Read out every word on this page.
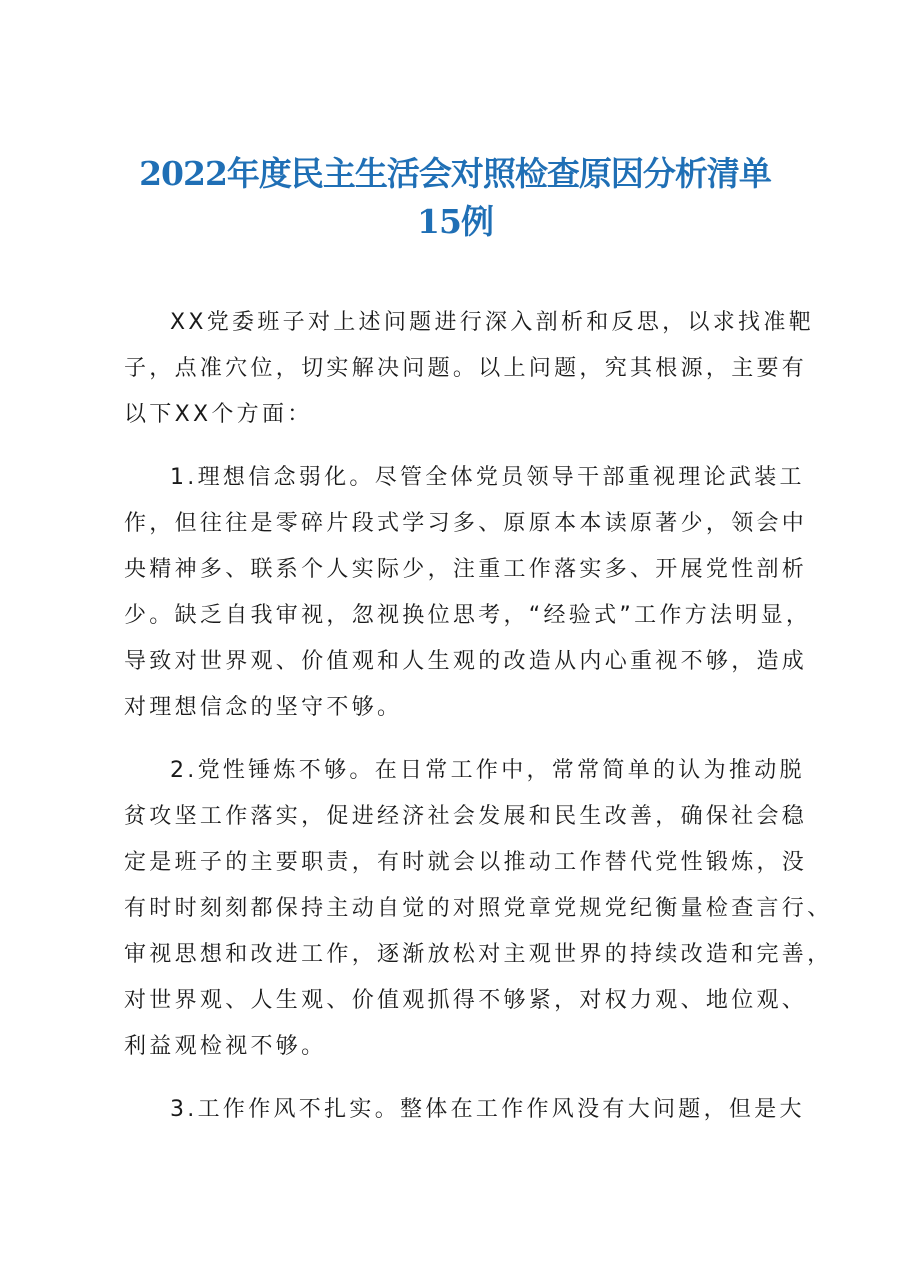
2022年度民主生活会对照检查原因分析清单
15例
XX党委班子对上述问题进行深入剖析和反思，以求找准靶
子，点准穴位，切实解决问题。以上问题，究其根源，主要有
以下XX个方面：
1.理想信念弱化。尽管全体党员领导干部重视理论武装工
作，但往往是零碎片段式学习多、原原本本读原著少，领会中
央精神多、联系个人实际少，注重工作落实多、开展党性剖析
少。缺乏自我审视，忽视换位思考，“经验式”工作方法明显，
导致对世界观、价值观和人生观的改造从内心重视不够，造成
对理想信念的坚守不够。
2.党性锤炼不够。在日常工作中，常常简单的认为推动脱
贫攻坚工作落实，促进经济社会发展和民生改善，确保社会稳
定是班子的主要职责，有时就会以推动工作替代党性锻炼，没
有时时刻刻都保持主动自觉的对照党章党规党纪衡量检查言行、
审视思想和改进工作，逐渐放松对主观世界的持续改造和完善，
对世界观、人生观、价值观抓得不够紧，对权力观、地位观、
利益观检视不够。
3.工作作风不扎实。整体在工作作风没有大问题，但是大
